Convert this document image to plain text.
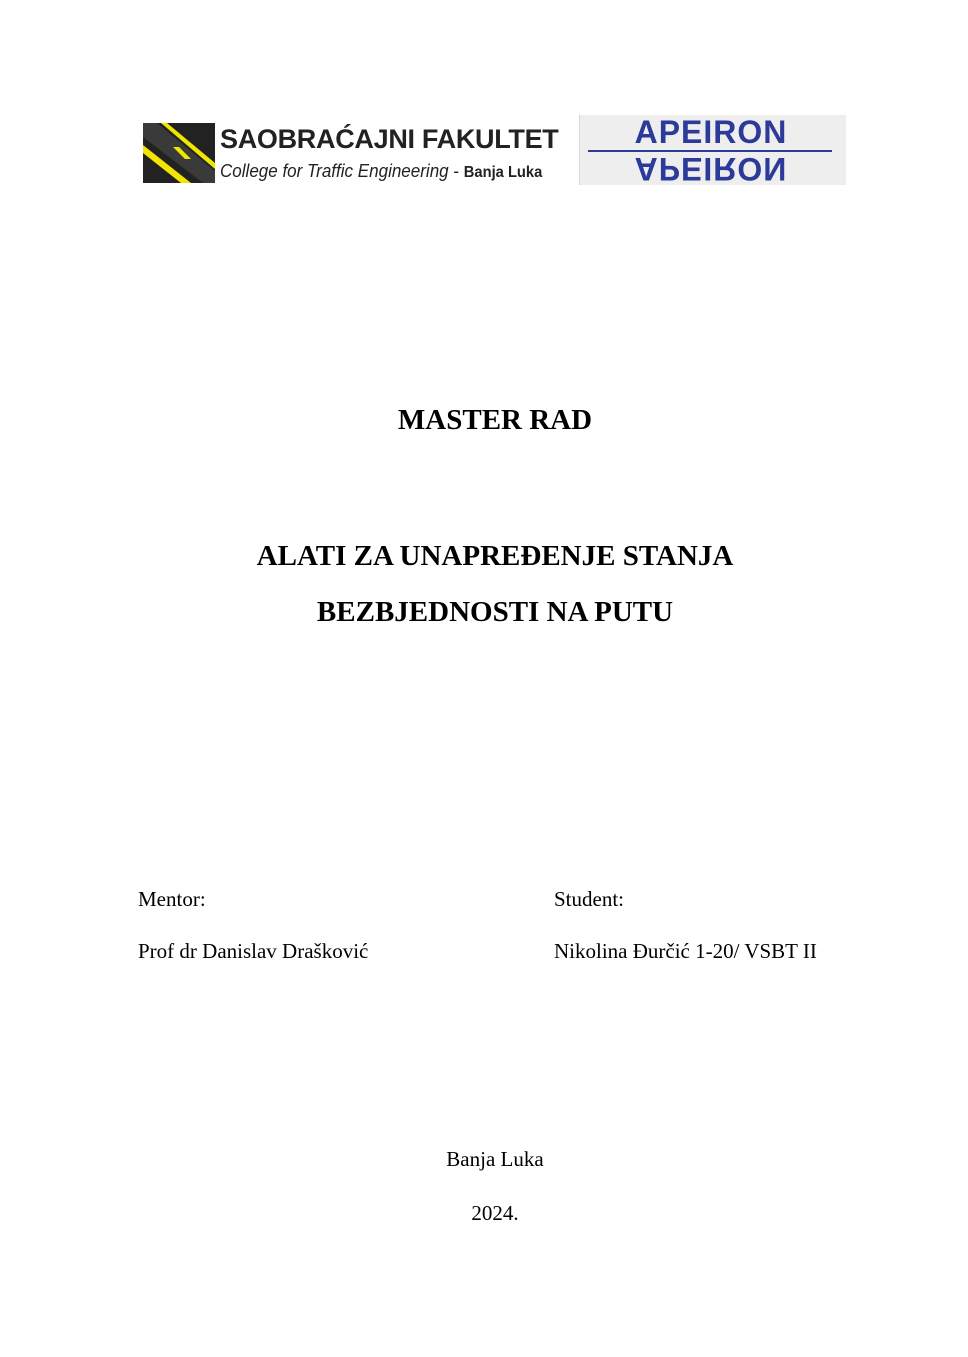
SAOBRAĆAJNI FAKULTET
College for Traffic Engineering - Banja Luka
APEIRON
APEIRON
MASTER RAD
ALATI ZA UNAPREĐENJE STANJA
BEZBJEDNOSTI NA PUTU
Mentor:
Prof dr Danislav Drašković
Student:
Nikolina Đurčić 1-20/ VSBT II
Banja Luka
2024.
